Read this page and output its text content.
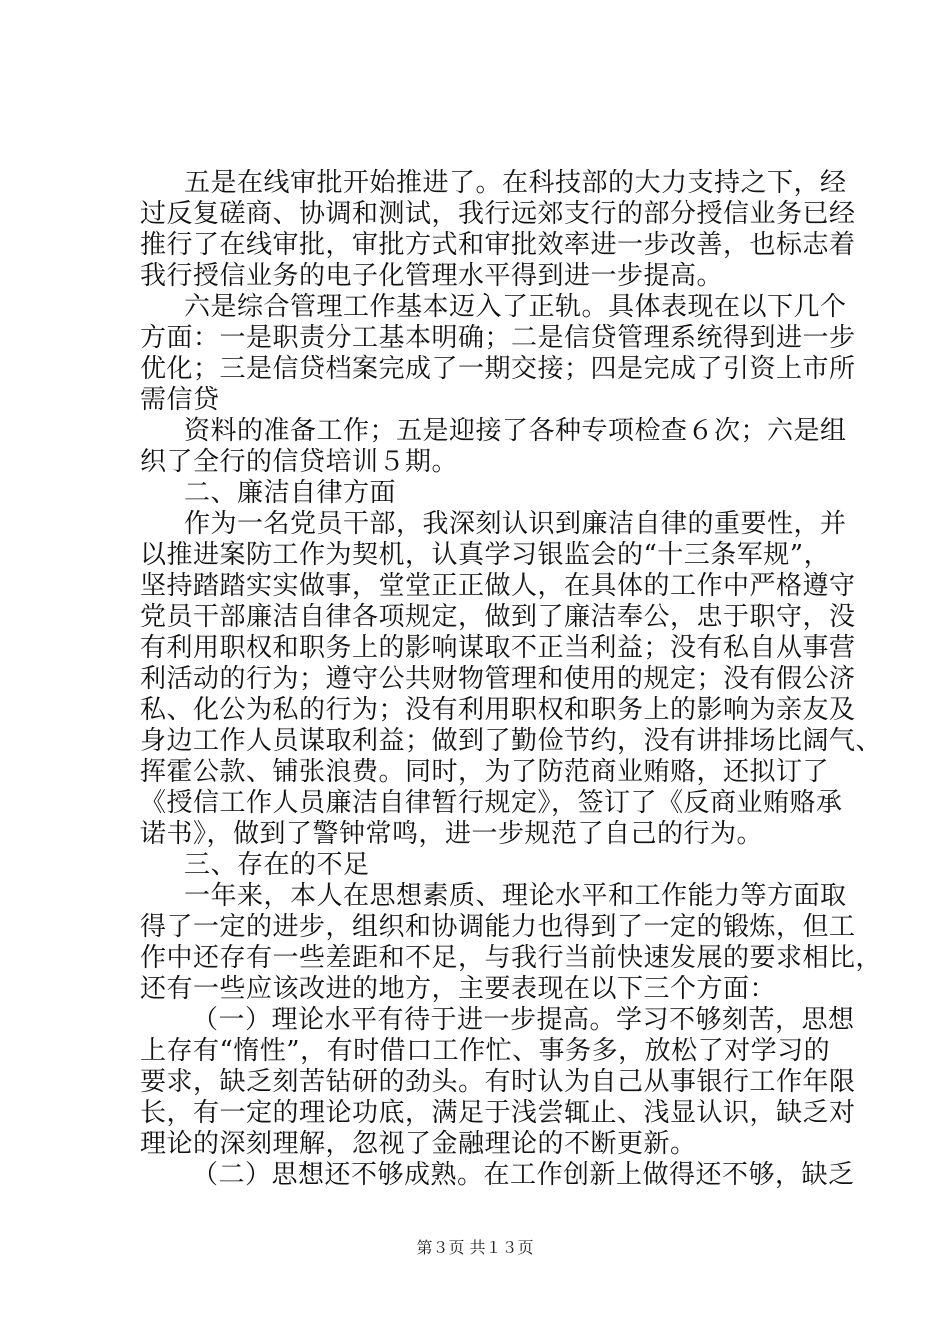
五是在线审批开始推进了。在科技部的大力支持之下，经
过反复磋商、协调和测试，我行远郊支行的部分授信业务已经
推行了在线审批，审批方式和审批效率进一步改善，也标志着
我行授信业务的电子化管理水平得到进一步提高。
六是综合管理工作基本迈入了正轨。具体表现在以下几个
方面：一是职责分工基本明确；二是信贷管理系统得到进一步
优化；三是信贷档案完成了一期交接；四是完成了引资上市所
需信贷
资料的准备工作；五是迎接了各种专项检查６次；六是组
织了全行的信贷培训５期。
二、廉洁自律方面
作为一名党员干部，我深刻认识到廉洁自律的重要性，并
以推进案防工作为契机，认真学习银监会的“十三条军规”，
坚持踏踏实实做事，堂堂正正做人，在具体的工作中严格遵守
党员干部廉洁自律各项规定，做到了廉洁奉公，忠于职守，没
有利用职权和职务上的影响谋取不正当利益；没有私自从事营
利活动的行为；遵守公共财物管理和使用的规定；没有假公济
私、化公为私的行为；没有利用职权和职务上的影响为亲友及
身边工作人员谋取利益；做到了勤俭节约，没有讲排场比阔气、
挥霍公款、铺张浪费。同时，为了防范商业贿赂，还拟订了
《授信工作人员廉洁自律暂行规定》，签订了《反商业贿赂承
诺书》，做到了警钟常鸣，进一步规范了自己的行为。
三、存在的不足
一年来，本人在思想素质、理论水平和工作能力等方面取
得了一定的进步，组织和协调能力也得到了一定的锻炼，但工
作中还存有一些差距和不足，与我行当前快速发展的要求相比，
还有一些应该改进的地方，主要表现在以下三个方面：
（一）理论水平有待于进一步提高。学习不够刻苦，思想
上存有“惰性”，有时借口工作忙、事务多，放松了对学习的
要求，缺乏刻苦钻研的劲头。有时认为自己从事银行工作年限
长，有一定的理论功底，满足于浅尝辄止、浅显认识，缺乏对
理论的深刻理解，忽视了金融理论的不断更新。
（二）思想还不够成熟。在工作创新上做得还不够，缺乏
第３页 共１３页
